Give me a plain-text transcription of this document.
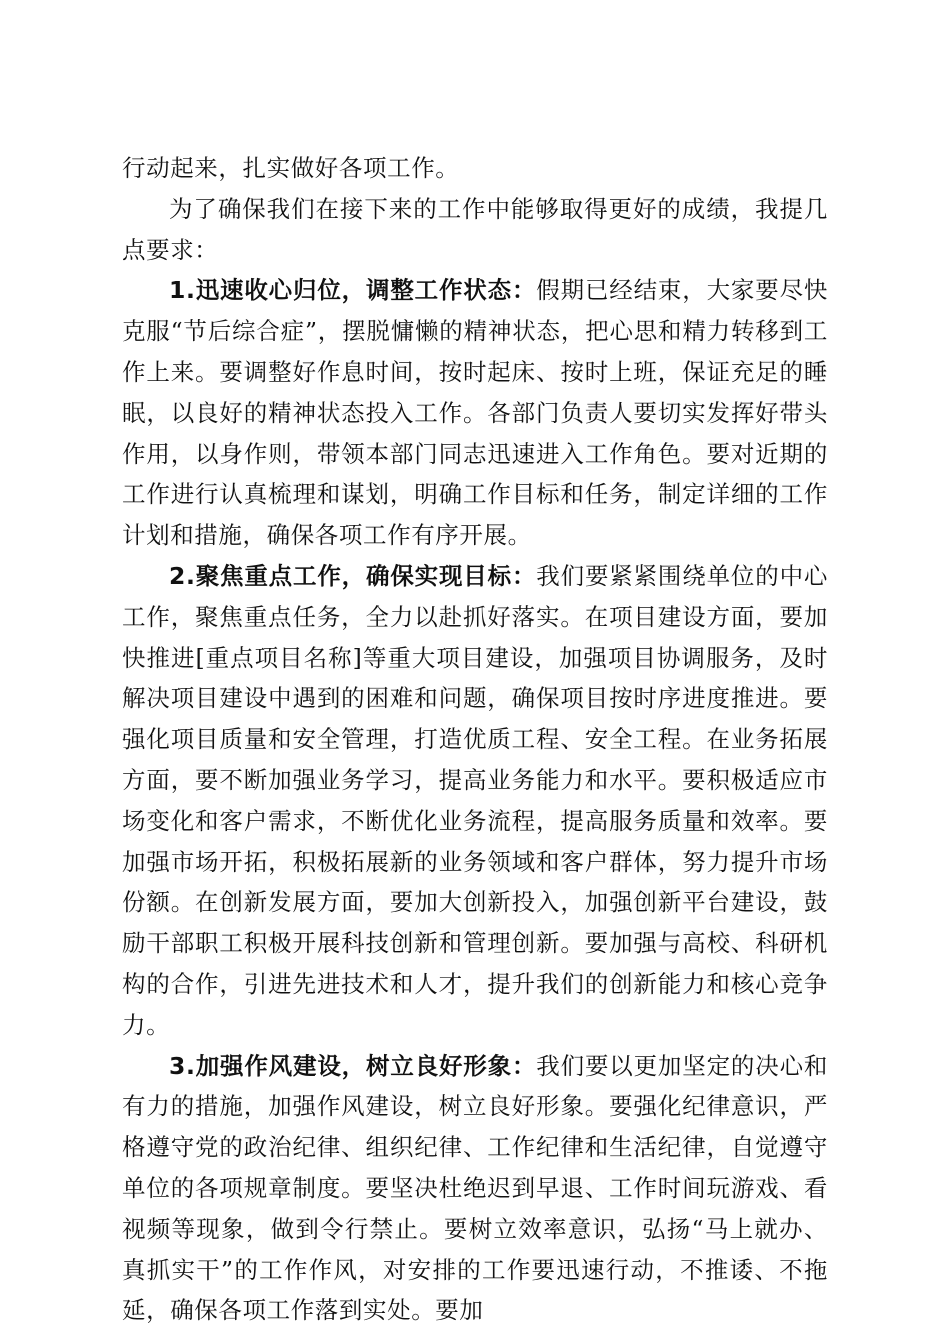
行动起来，扎实做好各项工作。

为了确保我们在接下来的工作中能够取得更好的成绩，我提几点要求：

1.迅速收心归位，调整工作状态：假期已经结束，大家要尽快克服“节后综合症”，摆脱慵懒的精神状态，把心思和精力转移到工作上来。要调整好作息时间，按时起床、按时上班，保证充足的睡眠，以良好的精神状态投入工作。各部门负责人要切实发挥好带头作用，以身作则，带领本部门同志迅速进入工作角色。要对近期的工作进行认真梳理和谋划，明确工作目标和任务，制定详细的工作计划和措施，确保各项工作有序开展。

2.聚焦重点工作，确保实现目标：我们要紧紧围绕单位的中心工作，聚焦重点任务，全力以赴抓好落实。在项目建设方面，要加快推进[重点项目名称]等重大项目建设，加强项目协调服务，及时解决项目建设中遇到的困难和问题，确保项目按时序进度推进。要强化项目质量和安全管理，打造优质工程、安全工程。在业务拓展方面，要不断加强业务学习，提高业务能力和水平。要积极适应市场变化和客户需求，不断优化业务流程，提高服务质量和效率。要加强市场开拓，积极拓展新的业务领域和客户群体，努力提升市场份额。在创新发展方面，要加大创新投入，加强创新平台建设，鼓励干部职工积极开展科技创新和管理创新。要加强与高校、科研机构的合作，引进先进技术和人才，提升我们的创新能力和核心竞争力。

3.加强作风建设，树立良好形象：我们要以更加坚定的决心和有力的措施，加强作风建设，树立良好形象。要强化纪律意识，严格遵守党的政治纪律、组织纪律、工作纪律和生活纪律，自觉遵守单位的各项规章制度。要坚决杜绝迟到早退、工作时间玩游戏、看视频等现象，做到令行禁止。要树立效率意识，弘扬“马上就办、真抓实干”的工作作风，对安排的工作要迅速行动，不推诿、不拖延，确保各项工作落到实处。要加
